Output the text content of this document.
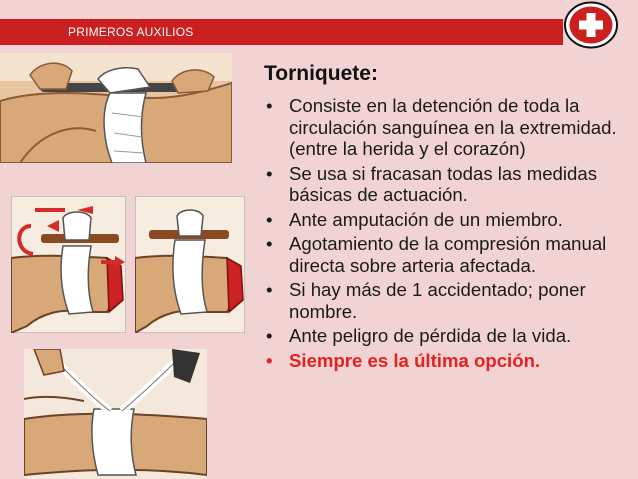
PRIMEROS AUXILIOS
Torniquete:
• Consiste en la detención de toda la circulación sanguínea en la extremidad. (entre la herida y el corazón)
• Se usa si fracasan todas las medidas básicas de actuación.
• Ante amputación de un miembro.
• Agotamiento de la compresión manual directa sobre arteria afectada.
• Si hay más de 1 accidentado; poner nombre.
• Ante peligro de pérdida de la vida.
• Siempre es la última opción.
